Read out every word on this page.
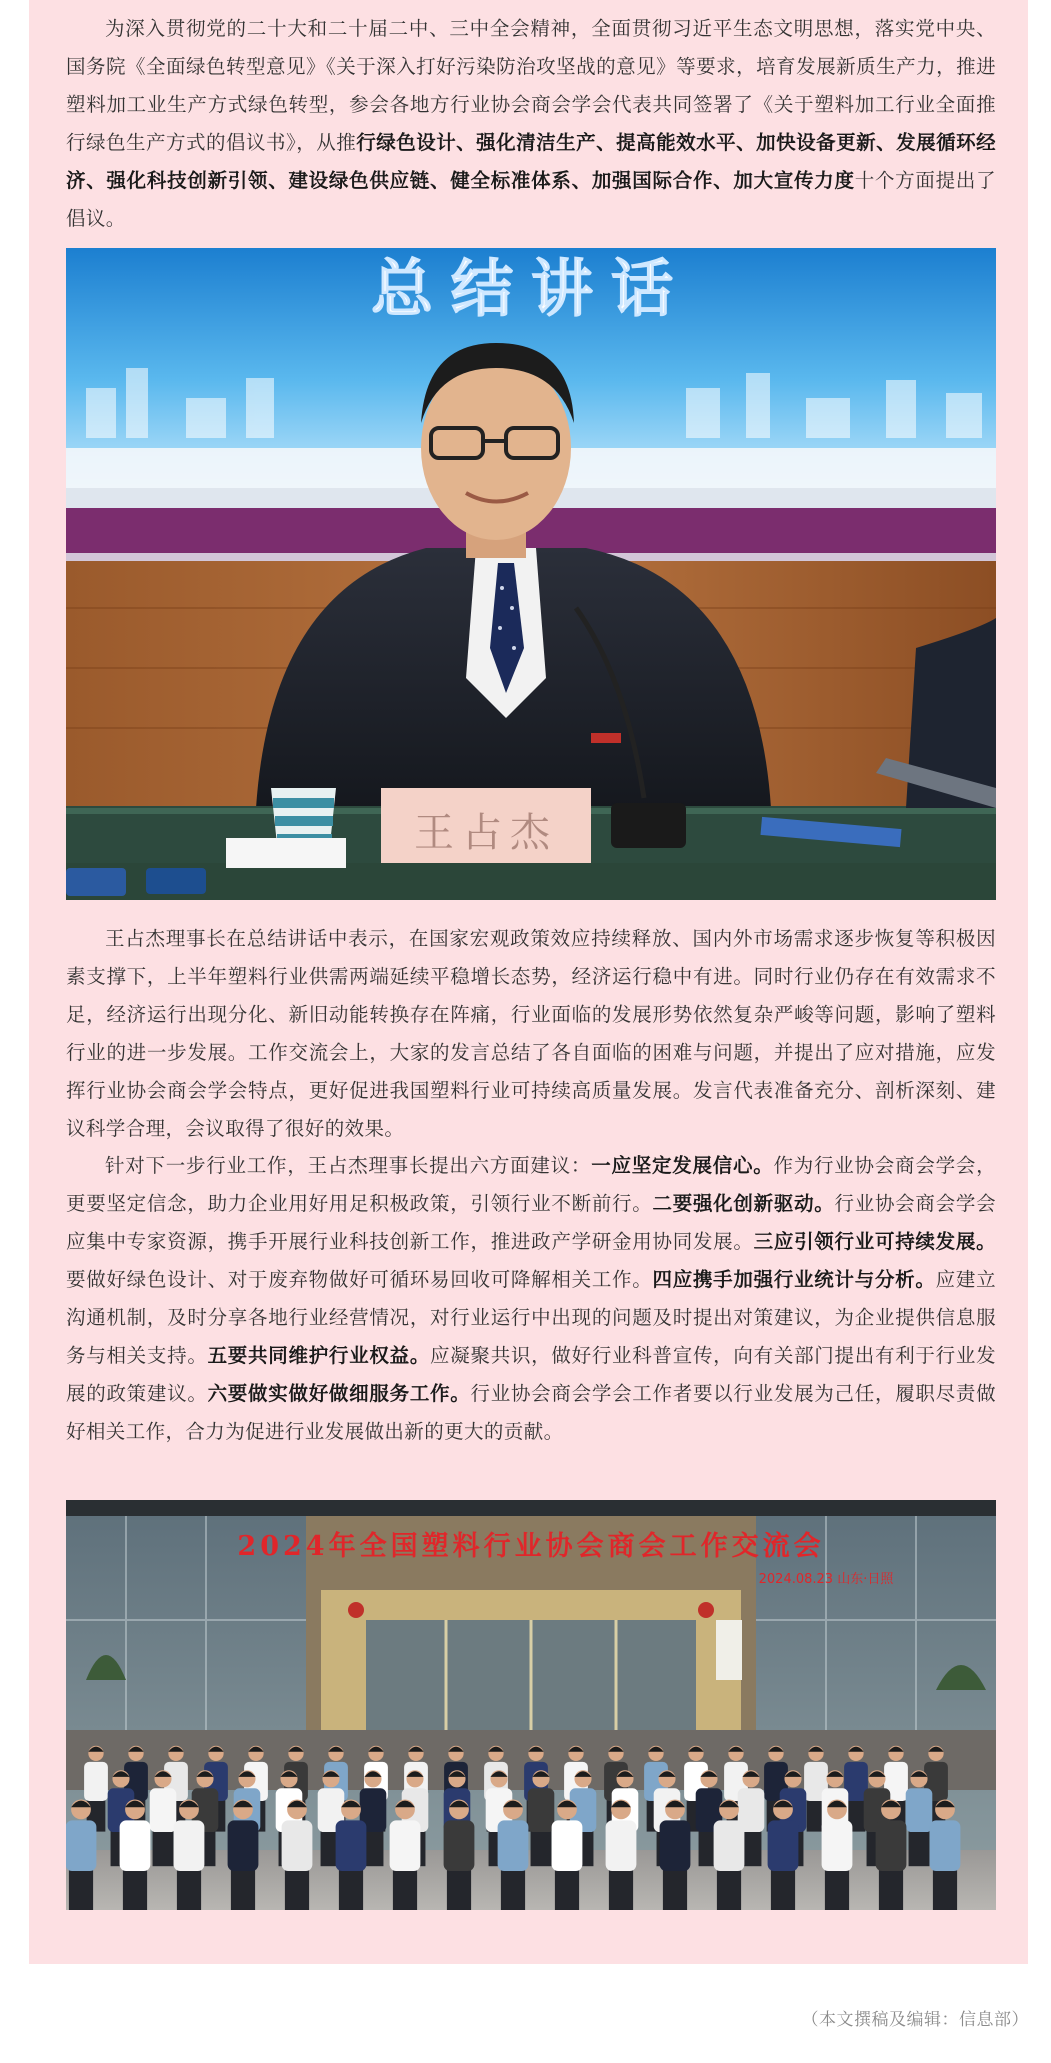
为深入贯彻党的二十大和二十届二中、三中全会精神，全面贯彻习近平生态文明思想，落实党中央、国务院《全面绿色转型意见》《关于深入打好污染防治攻坚战的意见》等要求，培育发展新质生产力，推进塑料加工业生产方式绿色转型，参会各地方行业协会商会学会代表共同签署了《关于塑料加工行业全面推行绿色生产方式的倡议书》，从推行绿色设计、强化清洁生产、提高能效水平、加快设备更新、发展循环经济、强化科技创新引领、建设绿色供应链、健全标准体系、加强国际合作、加大宣传力度十个方面提出了倡议。

总结讲话
王占杰

王占杰理事长在总结讲话中表示，在国家宏观政策效应持续释放、国内外市场需求逐步恢复等积极因素支撑下，上半年塑料行业供需两端延续平稳增长态势，经济运行稳中有进。同时行业仍存在有效需求不足，经济运行出现分化、新旧动能转换存在阵痛，行业面临的发展形势依然复杂严峻等问题，影响了塑料行业的进一步发展。工作交流会上，大家的发言总结了各自面临的困难与问题，并提出了应对措施，应发挥行业协会商会学会特点，更好促进我国塑料行业可持续高质量发展。发言代表准备充分、剖析深刻、建议科学合理，会议取得了很好的效果。

针对下一步行业工作，王占杰理事长提出六方面建议：一应坚定发展信心。作为行业协会商会学会，更要坚定信念，助力企业用好用足积极政策，引领行业不断前行。二要强化创新驱动。行业协会商会学会应集中专家资源，携手开展行业科技创新工作，推进政产学研金用协同发展。三应引领行业可持续发展。要做好绿色设计、对于废弃物做好可循环易回收可降解相关工作。四应携手加强行业统计与分析。应建立沟通机制，及时分享各地行业经营情况，对行业运行中出现的问题及时提出对策建议，为企业提供信息服务与相关支持。五要共同维护行业权益。应凝聚共识，做好行业科普宣传，向有关部门提出有利于行业发展的政策建议。六要做实做好做细服务工作。行业协会商会学会工作者要以行业发展为己任，履职尽责做好相关工作，合力为促进行业发展做出新的更大的贡献。

2024年全国塑料行业协会商会工作交流会
2024.08.23 山东·日照
（本文撰稿及编辑：信息部）
